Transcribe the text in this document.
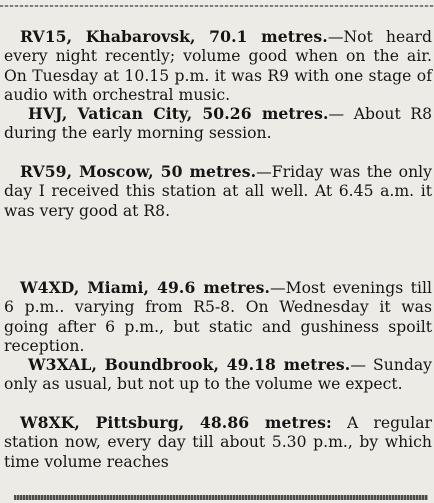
RV15, Khabarovsk, 70.1 metres.—Not heard every night recently; volume good when on the air. On Tuesday at 10.15 p.m. it was R9 with one stage of audio with orchestral music.

HVJ, Vatican City, 50.26 metres.— About R8 during the early morning session.

RV59, Moscow, 50 metres.—Friday was the only day I received this station at all well. At 6.45 a.m. it was very good at R8.

W4XD, Miami, 49.6 metres.—Most evenings till 6 p.m.. varying from R5-8. On Wednesday it was going after 6 p.m., but static and gushiness spoilt reception.

W3XAL, Boundbrook, 49.18 metres.— Sunday only as usual, but not up to the volume we expect.

W8XK, Pittsburg, 48.86 metres: A regular station now, every day till about 5.30 p.m., by which time volume reaches
